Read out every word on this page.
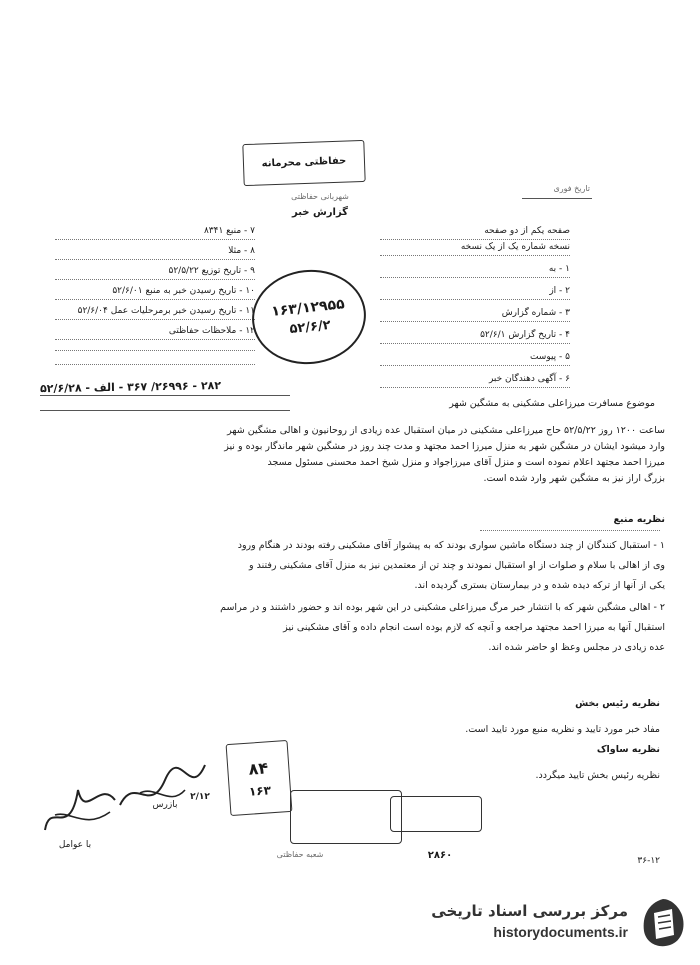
حفاظتی محرمانه
تاریخ فوری
شهربانی حفاظتی
گزارش خبر
صفحه یکم از دو صفحه
نسخه شماره یک از یک نسخه
۱ - به
۲ - از
۳ - شماره گزارش
۴ - تاریخ گزارش ۵۲/۶/۱
۵ - پیوست
۶ - آگهی دهندگان خبر
۷ - منبع ۸۳۴۱
۸ - مثلا
۹ - تاریخ توزیع ۵۲/۵/۲۲
۱۰ - تاریخ رسیدن خبر به منبع ۵۲/۶/۰۱
۱۱ - تاریخ رسیدن خبر برمرحلیات عمل ۵۲/۶/۰۴
۱۲ - ملاحظات حفاظتی
۱۶۳/۱۲۹۵۵
۵۲/۶/۲
۲۸۲ - ۲۶۹۹۶/ ۳۶۷ - الف - ۵۲/۶/۲۸
موضوع مسافرت میرزاعلی مشکینی به مشگین شهر
ساعت ۱۲۰۰ روز ۵۲/۵/۲۲ حاج میرزاعلی مشکینی در میان استقبال عده زیادی از روحانیون و اهالی مشگین شهر
وارد میشود ایشان در مشگین شهر به منزل میرزا احمد مجتهد و مدت چند روز در مشگین شهر ماندگار بوده و نیز
میرزا احمد مجتهد اعلام نموده است و منزل آقای میرزاجواد و منزل شیخ احمد محسنی مسئول مسجد
بزرگ اراز نیز به مشگین شهر وارد شده است.
نظریه منبع
۱ - استقبال کنندگان از چند دستگاه ماشین سواری بودند که به پیشواز آقای مشکینی رفته بودند در هنگام ورود
وی از اهالی با سلام و صلوات از او استقبال نمودند و چند تن از معتمدین نیز به منزل آقای مشکینی رفتند و
یکی از آنها از ترکه دیده شده و در بیمارستان بستری گردیده اند.
۲ - اهالی مشگین شهر که با انتشار خبر مرگ میرزاعلی مشکینی در این شهر بوده اند و حضور داشتند و در مراسم
استقبال آنها به میرزا احمد مجتهد مراجعه و آنچه که لازم بوده است انجام داده و آقای مشکینی نیز
عده زیادی در مجلس وعظ او حاضر شده اند.
نظریه رئیس بخش
مفاد خبر مورد تایید و نظریه منبع مورد تایید است.
نظریه ساواک
نظریه رئیس بخش تایید میگردد.
۸۴
۱۶۳
شعبه حفاظتی
بازرس
۲/۱۲
با عوامل
۲۸۶۰	۳۶-۱۲
مرکز بررسی اسناد تاریخی
historydocuments.ir
